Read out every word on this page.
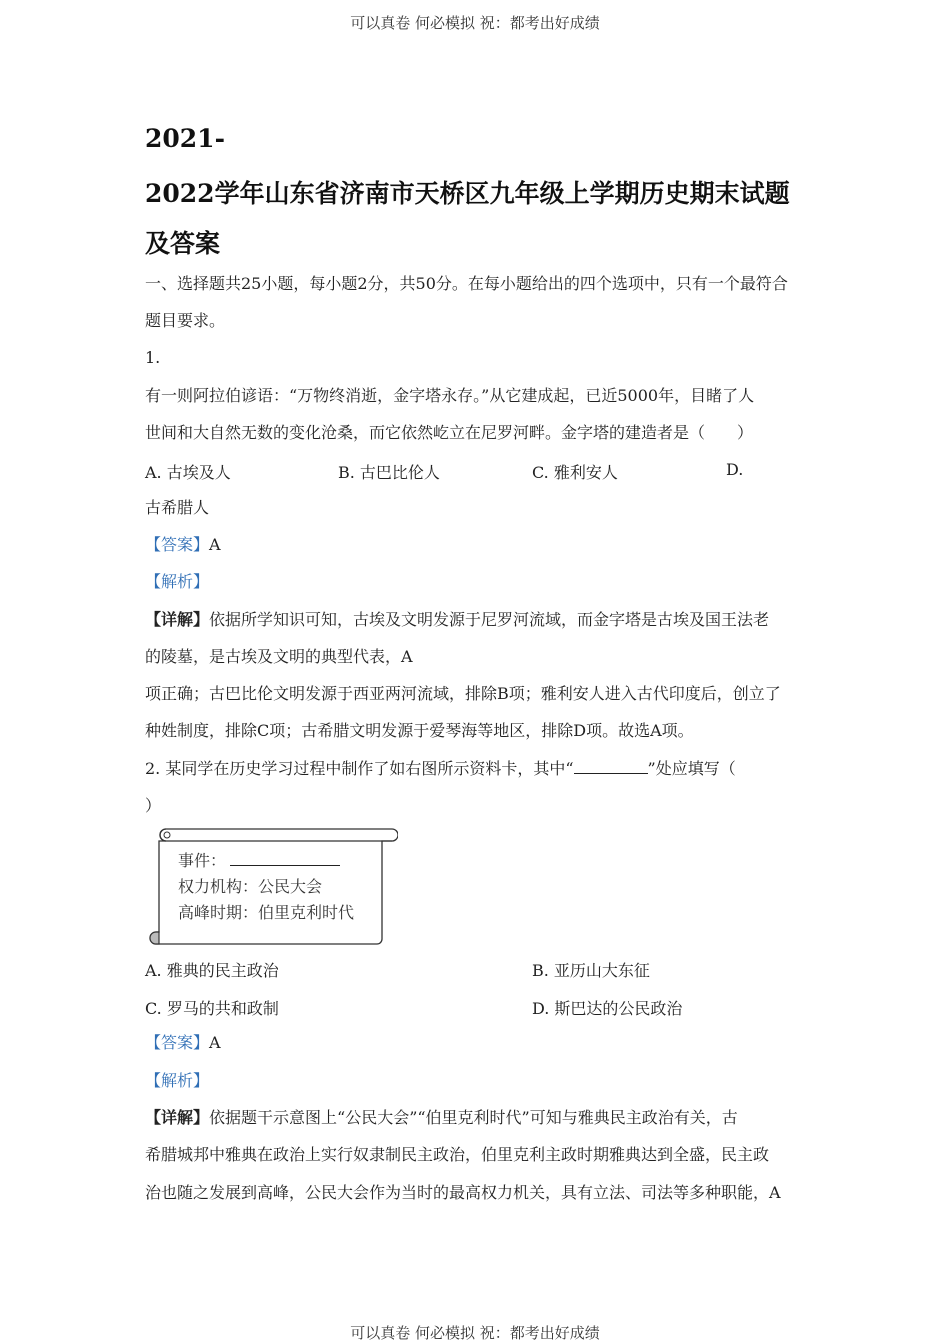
可以真卷 何必模拟 祝：都考出好成绩
2021-
2022学年山东省济南市天桥区九年级上学期历史期末试题
及答案
一、选择题共25小题，每小题2分，共50分。在每小题给出的四个选项中，只有一个最符合
题目要求。
1.
有一则阿拉伯谚语：“万物终消逝，金字塔永存。”从它建成起，已近5000年，目睹了人
世间和大自然无数的变化沧桑，而它依然屹立在尼罗河畔。金字塔的建造者是（　　）
A. 古埃及人	B. 古巴比伦人	C. 雅利安人	D.
古希腊人
【答案】A
【解析】
【详解】依据所学知识可知，古埃及文明发源于尼罗河流域，而金字塔是古埃及国王法老
的陵墓，是古埃及文明的典型代表，A
项正确；古巴比伦文明发源于西亚两河流域，排除B项；雅利安人进入古代印度后，创立了
种姓制度，排除C项；古希腊文明发源于爱琴海等地区，排除D项。故选A项。
2. 某同学在历史学习过程中制作了如右图所示资料卡，其中“	”处应填写（
）
A. 雅典的民主政治	B. 亚历山大东征
C. 罗马的共和政制	D. 斯巴达的公民政治
【答案】A
【解析】
【详解】依据题干示意图上“公民大会”“伯里克利时代”可知与雅典民主政治有关，古
希腊城邦中雅典在政治上实行奴隶制民主政治，伯里克利主政时期雅典达到全盛，民主政
治也随之发展到高峰，公民大会作为当时的最高权力机关，具有立法、司法等多种职能，A
事件：
权力机构：公民大会
高峰时期：伯里克利时代
可以真卷 何必模拟 祝：都考出好成绩
